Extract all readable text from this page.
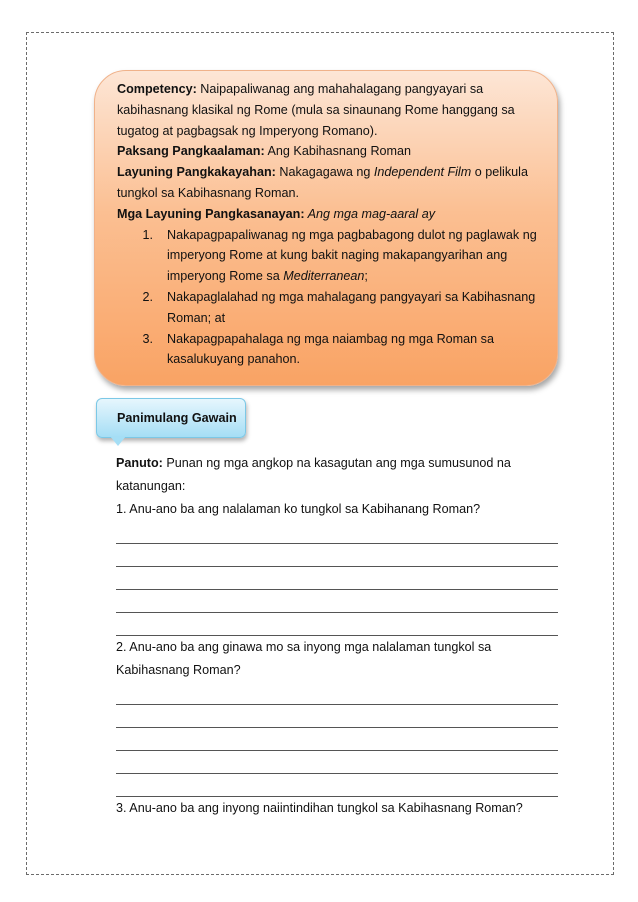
Competency: Naipapaliwanag ang mahahalagang pangyayari sa
kabihasnang klasikal ng Rome (mula sa sinaunang Rome hanggang sa
tugatog at pagbagsak ng Imperyong Romano).
Paksang Pangkaalaman: Ang Kabihasnang Roman
Layuning Pangkakayahan: Nakagagawa ng Independent Film o pelikula
tungkol sa Kabihasnang Roman.
Mga Layuning Pangkasanayan: Ang mga mag-aaral ay
1.	Nakapagpapaliwanag ng mga pagbabagong dulot ng paglawak ng
imperyong Rome at kung bakit naging makapangyarihan ang
imperyong Rome sa Mediterranean;
2.	Nakapaglalahad ng mga mahalagang pangyayari sa Kabihasnang
Roman; at
3.	Nakapagpapahalaga ng mga naiambag ng mga Roman sa
kasalukuyang panahon.
Panimulang Gawain
Panuto: Punan ng mga angkop na kasagutan ang mga sumusunod na
katanungan:
1. Anu-ano ba ang nalalaman ko tungkol sa Kabihanang Roman?
2. Anu-ano ba ang ginawa mo sa inyong mga nalalaman tungkol sa
Kabihasnang Roman?
3. Anu-ano ba ang inyong naiintindihan tungkol sa Kabihasnang Roman?
